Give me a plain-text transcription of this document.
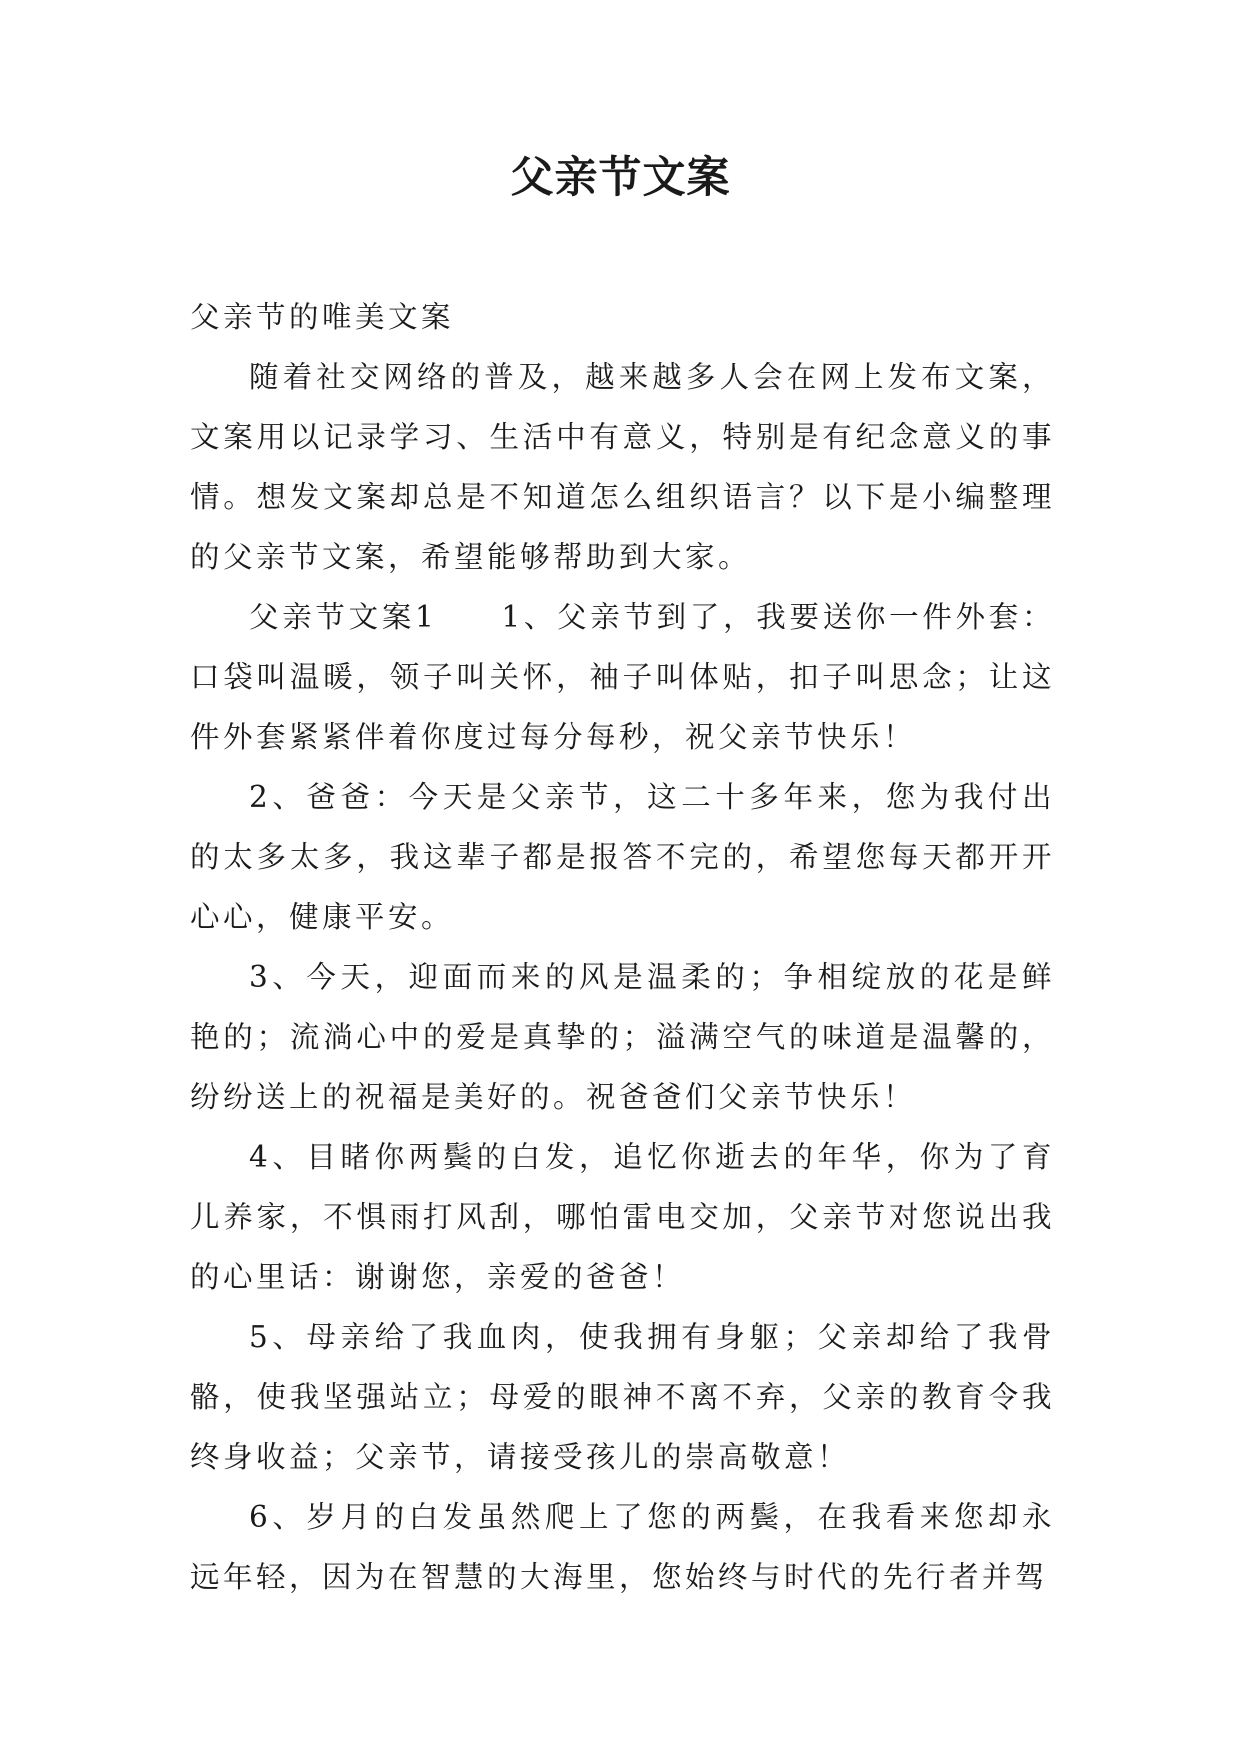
父亲节文案

父亲节的唯美文案

随着社交网络的普及，越来越多人会在网上发布文案，文案用以记录学习、生活中有意义，特别是有纪念意义的事情。想发文案却总是不知道怎么组织语言？以下是小编整理的父亲节文案，希望能够帮助到大家。

父亲节文案1 1、父亲节到了，我要送你一件外套：口袋叫温暖，领子叫关怀，袖子叫体贴，扣子叫思念；让这件外套紧紧伴着你度过每分每秒，祝父亲节快乐！

2、爸爸：今天是父亲节，这二十多年来，您为我付出的太多太多，我这辈子都是报答不完的，希望您每天都开开心心，健康平安。

3、今天，迎面而来的风是温柔的；争相绽放的花是鲜艳的；流淌心中的爱是真挚的；溢满空气的味道是温馨的，纷纷送上的祝福是美好的。祝爸爸们父亲节快乐！

4、目睹你两鬓的白发，追忆你逝去的年华，你为了育儿养家，不惧雨打风刮，哪怕雷电交加，父亲节对您说出我的心里话：谢谢您，亲爱的爸爸！

5、母亲给了我血肉，使我拥有身躯；父亲却给了我骨骼，使我坚强站立；母爱的眼神不离不弃，父亲的教育令我终身收益；父亲节，请接受孩儿的崇高敬意！

6、岁月的白发虽然爬上了您的两鬓，在我看来您却永远年轻，因为在智慧的大海里，您始终与时代的先行者并驾
